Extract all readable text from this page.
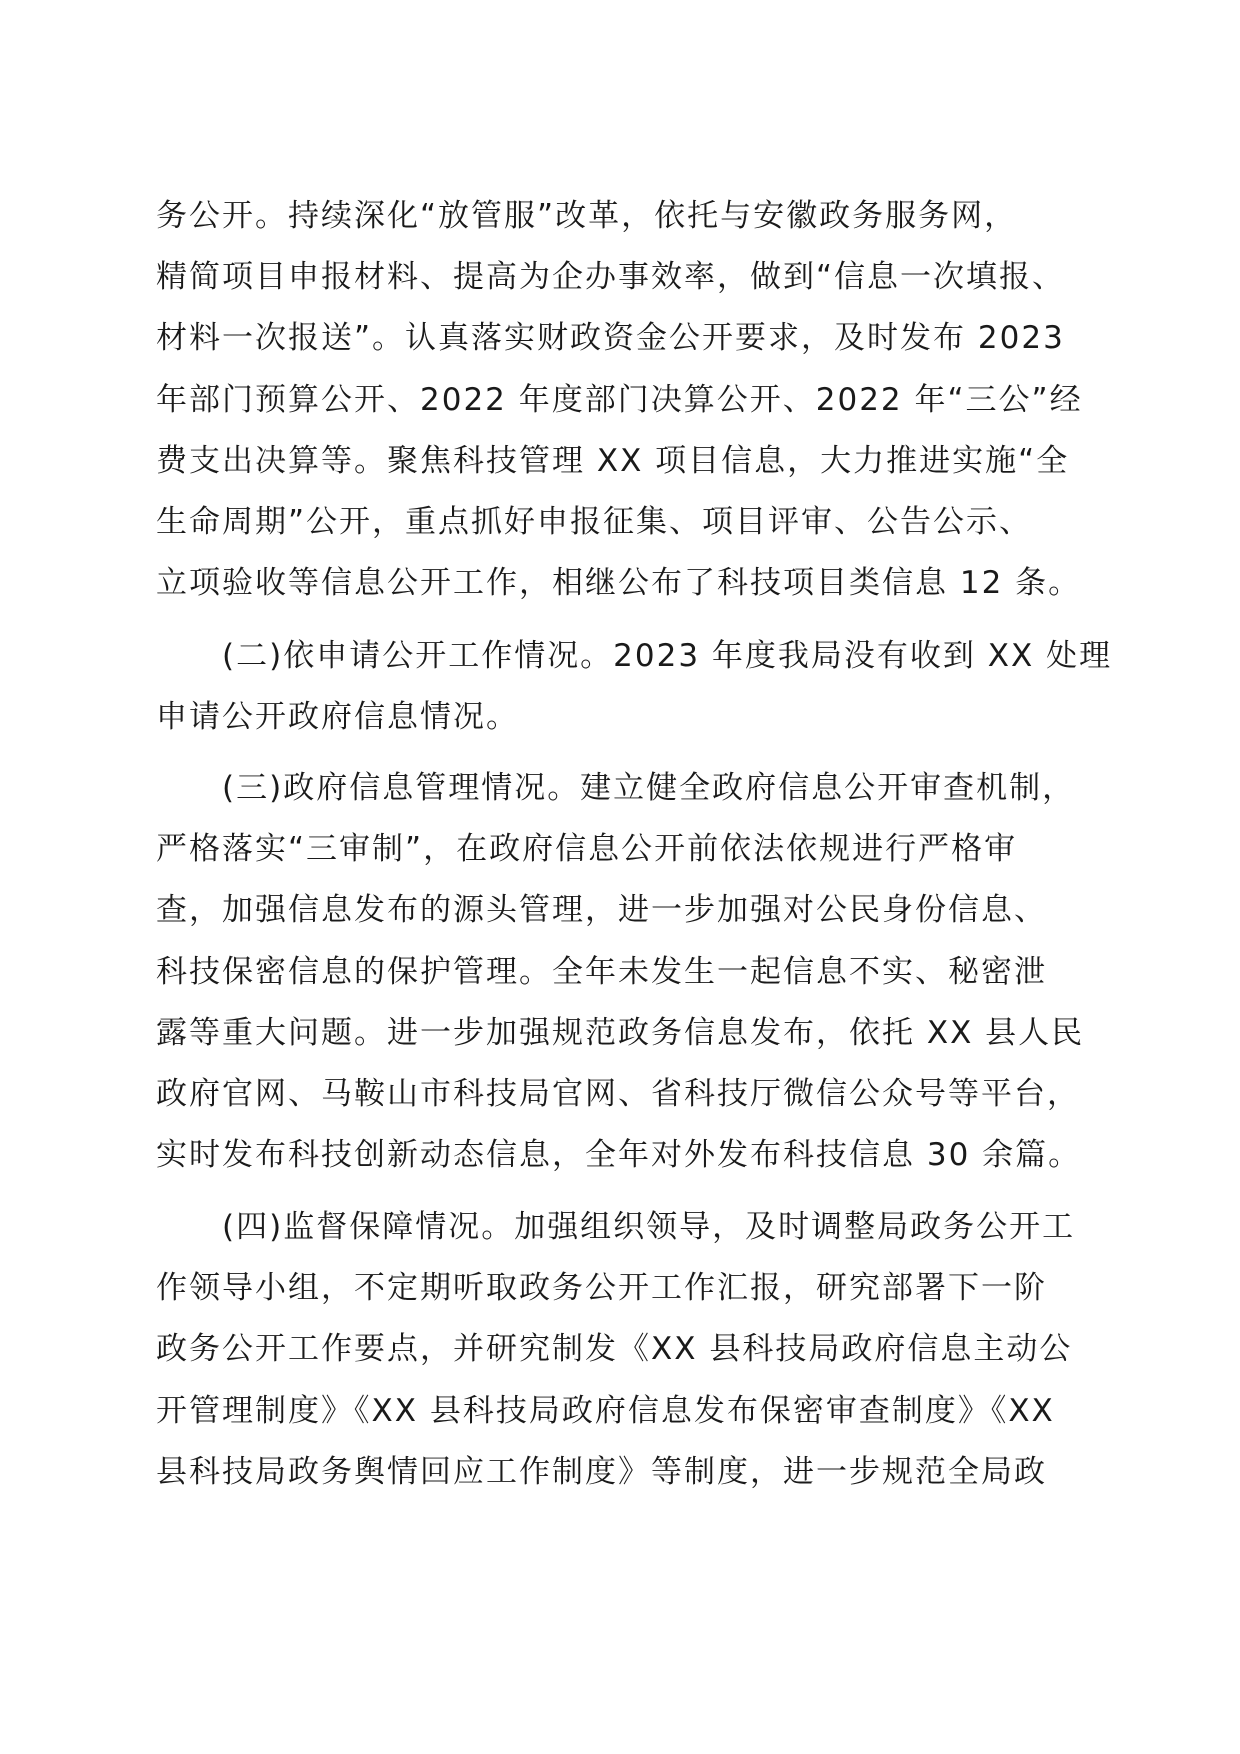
务公开。持续深化“放管服”改革，依托与安徽政务服务网，

精简项目申报材料、提高为企办事效率，做到“信息一次填报、

材料一次报送”。认真落实财政资金公开要求，及时发布 2023

年部门预算公开、2022 年度部门决算公开、2022 年“三公”经

费支出决算等。聚焦科技管理 XX 项目信息，大力推进实施“全

生命周期”公开，重点抓好申报征集、项目评审、公告公示、

立项验收等信息公开工作，相继公布了科技项目类信息 12 条。

(二)依申请公开工作情况。2023 年度我局没有收到 XX 处理

申请公开政府信息情况。

(三)政府信息管理情况。建立健全政府信息公开审查机制，

严格落实“三审制”，在政府信息公开前依法依规进行严格审

查，加强信息发布的源头管理，进一步加强对公民身份信息、

科技保密信息的保护管理。全年未发生一起信息不实、秘密泄

露等重大问题。进一步加强规范政务信息发布，依托 XX 县人民

政府官网、马鞍山市科技局官网、省科技厅微信公众号等平台，

实时发布科技创新动态信息，全年对外发布科技信息 30 余篇。

(四)监督保障情况。加强组织领导，及时调整局政务公开工

作领导小组，不定期听取政务公开工作汇报，研究部署下一阶

政务公开工作要点，并研究制发《XX 县科技局政府信息主动公

开管理制度》《XX 县科技局政府信息发布保密审查制度》《XX

县科技局政务舆情回应工作制度》等制度，进一步规范全局政
